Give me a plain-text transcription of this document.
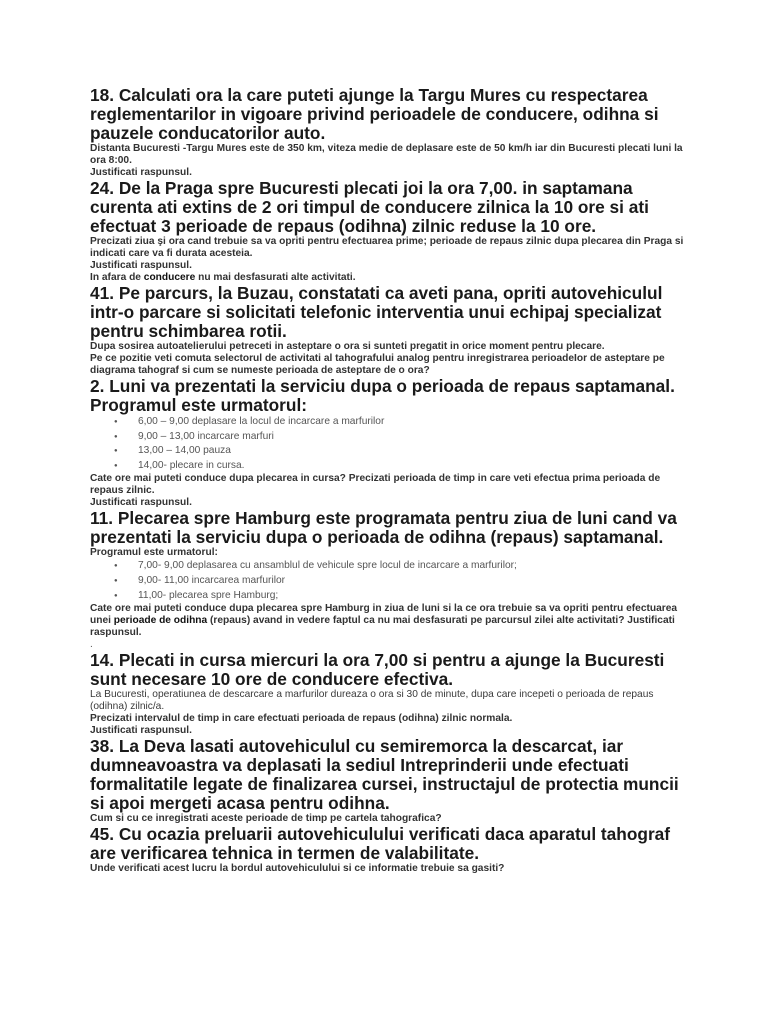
18. Calculati ora la care puteti ajunge la Targu Mures cu respectarea reglementarilor in vigoare privind perioadele de conducere, odihna si pauzele conducatorilor auto.

Distanta Bucuresti -Targu Mures este de 350 km, viteza medie de deplasare este de 50 km/h iar din Bucuresti plecati luni la ora 8:00.

Justificati raspunsul.

24. De la Praga spre Bucuresti plecati joi la ora 7,00. in saptamana curenta ati extins de 2 ori timpul de conducere zilnica la 10 ore si ati efectuat 3 perioade de repaus (odihna) zilnic reduse la 10 ore.

Precizati ziua şi ora cand trebuie sa va opriti pentru efectuarea prime; perioade de repaus zilnic dupa plecarea din Praga si indicati care va fi durata acesteia.

Justificati raspunsul.

In afara de conducere nu mai desfasurati alte activitati.

41. Pe parcurs, la Buzau, constatati ca aveti pana, opriti autovehiculul intr-o parcare si solicitati telefonic interventia unui echipaj specializat pentru schimbarea rotii.

Dupa sosirea autoatelierului petreceti in asteptare o ora si sunteti pregatit in orice moment pentru plecare.

Pe ce pozitie veti comuta selectorul de activitati al tahografului analog pentru inregistrarea perioadeIor de asteptare pe diagrama tahograf si cum se numeste perioada de asteptare de o ora?

2. Luni va prezentati la serviciu dupa o perioada de repaus saptamanal. Programul este urmatorul:

● 6,00 – 9,00 deplasare la locul de incarcare a marfurilor
● 9,00 – 13,00 incarcare marfuri
● 13,00 – 14,00 pauza
● 14,00- plecare in cursa.

Cate ore mai puteti conduce dupa plecarea in cursa? Precizati perioada de timp in care veti efectua prima perioada de repaus zilnic.

Justificati raspunsul.

11. Plecarea spre Hamburg este programata pentru ziua de luni cand va prezentati la serviciu dupa o perioada de odihna (repaus) saptamanal.

Programul este urmatorul:

● 7,00- 9,00 deplasarea cu ansamblul de vehicule spre locul de incarcare a marfurilor;
● 9,00- 11,00 incarcarea marfurilor
● 11,00- plecarea spre Hamburg;

Cate ore mai puteti conduce dupa plecarea spre Hamburg in ziua de luni si la ce ora trebuie sa va opriti pentru efectuarea unei perioade de odihna (repaus) avand in vedere faptul ca nu mai desfasurati pe parcursul zilei alte activitati? Justificati raspunsul.

.

14. Plecati in cursa miercuri la ora 7,00 si pentru a ajunge la Bucuresti sunt necesare 10 ore de conducere efectiva.

La Bucuresti, operatiunea de descarcare a marfurilor dureaza o ora si 30 de minute, dupa care incepeti o perioada de repaus (odihna) zilnic/a.

Precizati intervalul de timp in care efectuati perioada de repaus (odihna) zilnic normala.

Justificati raspunsul.

38. La Deva lasati autovehiculul cu semiremorca la descarcat, iar dumneavoastra va deplasati la sediul Intreprinderii unde efectuati formalitatile legate de finalizarea cursei, instructajul de protectia muncii si apoi mergeti acasa pentru odihna.

Cum si cu ce inregistrati aceste perioade de timp pe cartela tahografica?

45. Cu ocazia preluarii autovehiculului verificati daca aparatul tahograf are verificarea tehnica in termen de valabilitate.

Unde verificati acest lucru la bordul autovehiculului si ce informatie trebuie sa gasiti?
